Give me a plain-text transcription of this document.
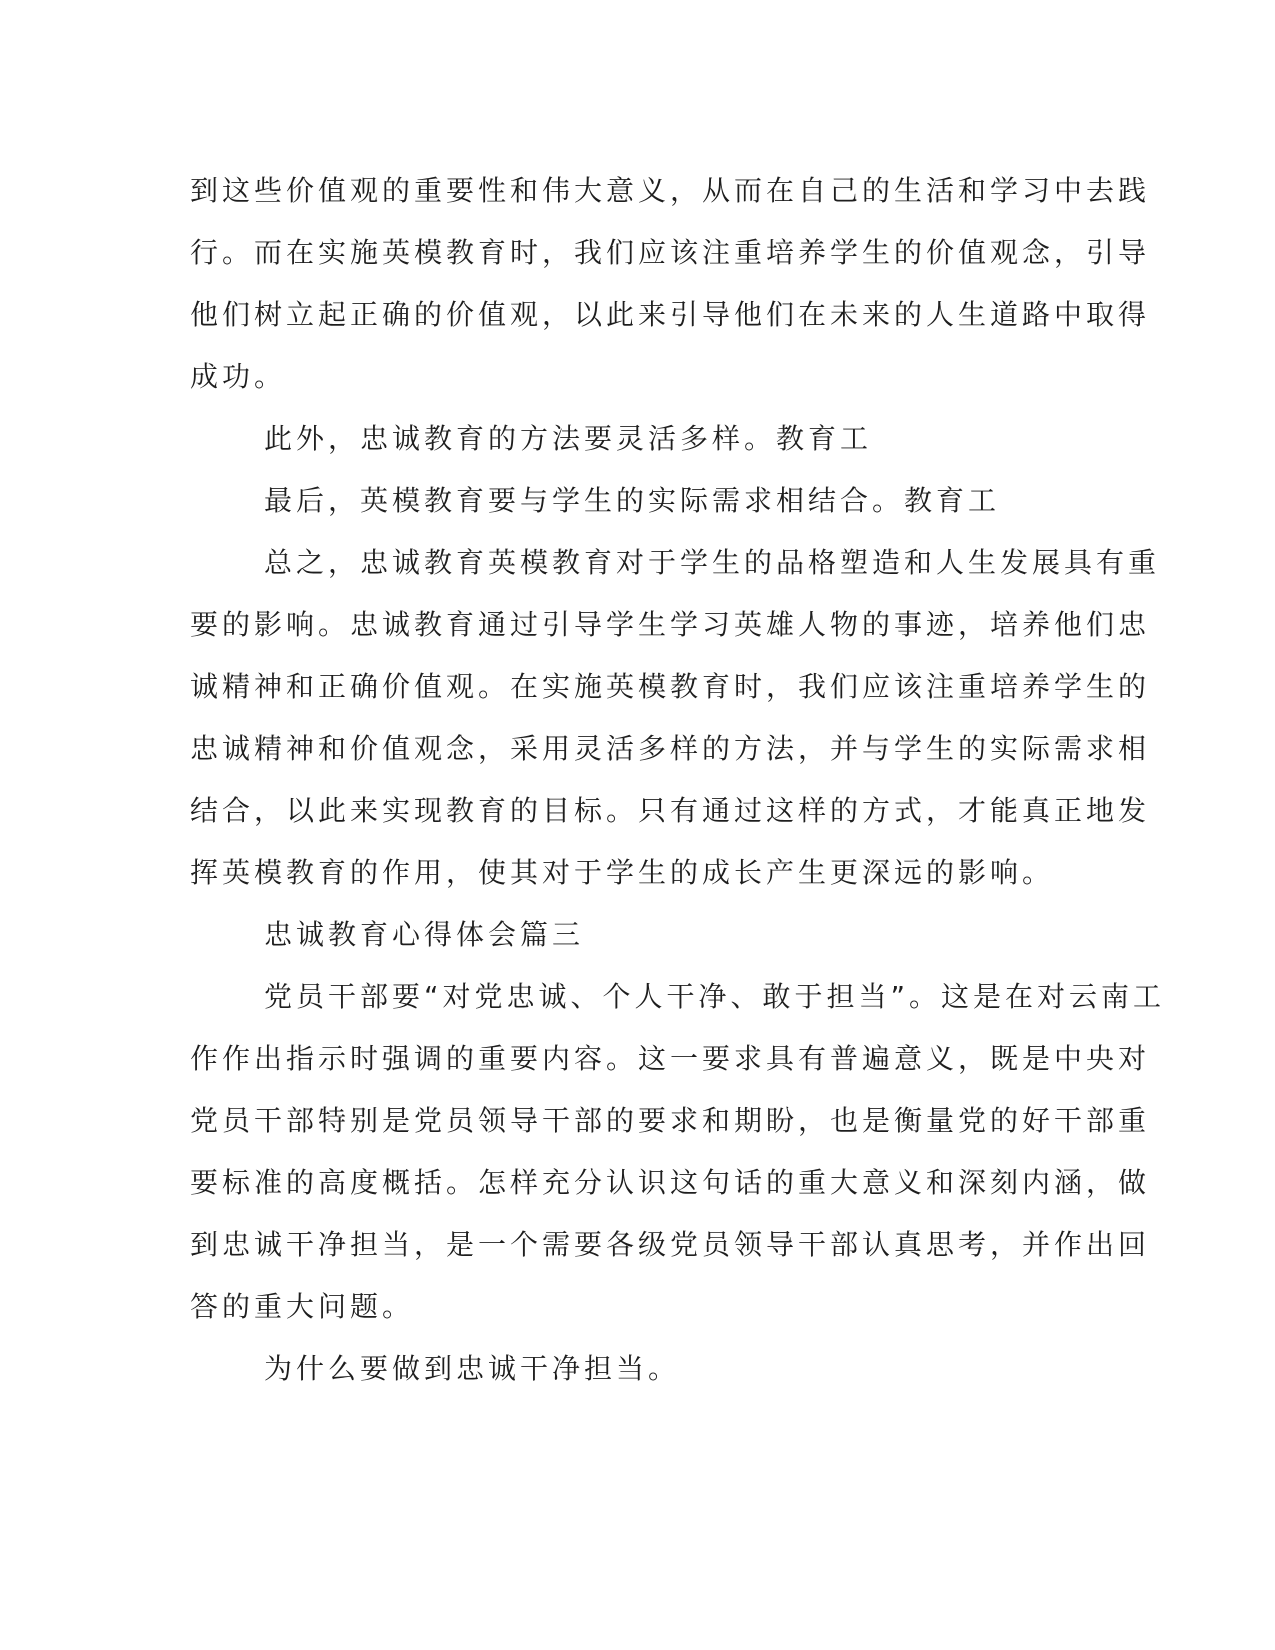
到这些价值观的重要性和伟大意义，从而在自己的生活和学习中去践
行。而在实施英模教育时，我们应该注重培养学生的价值观念，引导
他们树立起正确的价值观，以此来引导他们在未来的人生道路中取得
成功。
此外，忠诚教育的方法要灵活多样。教育工
最后，英模教育要与学生的实际需求相结合。教育工
总之，忠诚教育英模教育对于学生的品格塑造和人生发展具有重
要的影响。忠诚教育通过引导学生学习英雄人物的事迹，培养他们忠
诚精神和正确价值观。在实施英模教育时，我们应该注重培养学生的
忠诚精神和价值观念，采用灵活多样的方法，并与学生的实际需求相
结合，以此来实现教育的目标。只有通过这样的方式，才能真正地发
挥英模教育的作用，使其对于学生的成长产生更深远的影响。
忠诚教育心得体会篇三
党员干部要“对党忠诚、个人干净、敢于担当”。这是在对云南工
作作出指示时强调的重要内容。这一要求具有普遍意义，既是中央对
党员干部特别是党员领导干部的要求和期盼，也是衡量党的好干部重
要标准的高度概括。怎样充分认识这句话的重大意义和深刻内涵，做
到忠诚干净担当，是一个需要各级党员领导干部认真思考，并作出回
答的重大问题。
为什么要做到忠诚干净担当。
